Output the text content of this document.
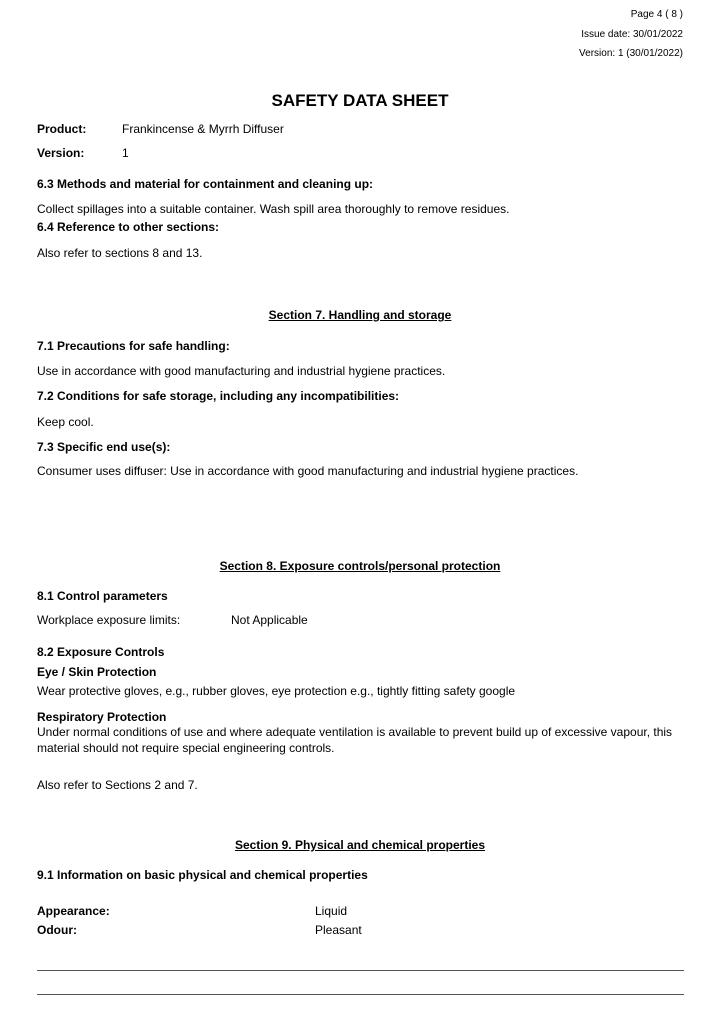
Page 4 ( 8 )
Issue date: 30/01/2022
Version: 1 (30/01/2022)
SAFETY DATA SHEET
Product:	Frankincense & Myrrh Diffuser
Version:	1
6.3 Methods and material for containment and cleaning up:
Collect spillages into a suitable container. Wash spill area thoroughly to remove residues.
6.4 Reference to other sections:
Also refer to sections 8 and 13.
Section 7. Handling and storage
7.1 Precautions for safe handling:
Use in accordance with good manufacturing and industrial hygiene practices.
7.2 Conditions for safe storage, including any incompatibilities:
Keep cool.
7.3 Specific end use(s):
Consumer uses diffuser: Use in accordance with good manufacturing and industrial hygiene practices.
Section 8. Exposure controls/personal protection
8.1 Control parameters
Workplace exposure limits:	Not Applicable
8.2 Exposure Controls
Eye / Skin Protection
Wear protective gloves, e.g., rubber gloves, eye protection e.g., tightly fitting safety google
Respiratory Protection
Under normal conditions of use and where adequate ventilation is available to prevent build up of excessive vapour, this material should not require special engineering controls.
Also refer to Sections 2 and 7.
Section 9. Physical and chemical properties
9.1 Information on basic physical and chemical properties
Appearance:	Liquid
Odour:	Pleasant
